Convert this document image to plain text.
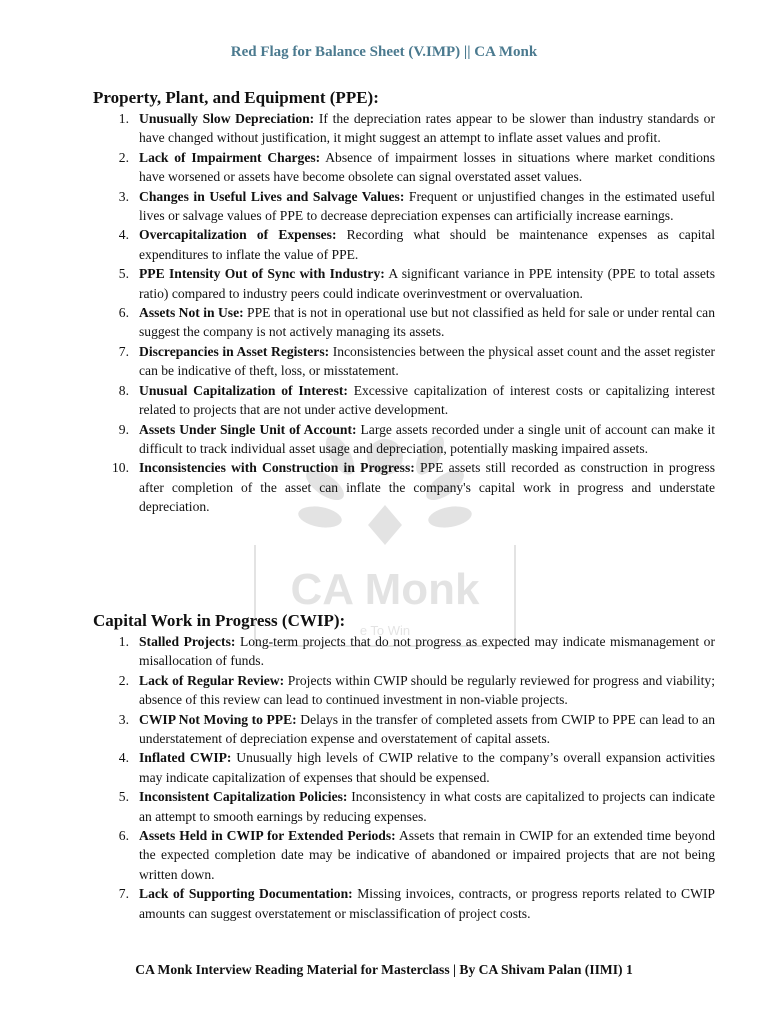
CA Monk
e To Win
Red Flag for Balance Sheet (V.IMP) || CA Monk
Property, Plant, and Equipment (PPE):
1. Unusually Slow Depreciation: If the depreciation rates appear to be slower than industry standards or have changed without justification, it might suggest an attempt to inflate asset values and profit.
2. Lack of Impairment Charges: Absence of impairment losses in situations where market conditions have worsened or assets have become obsolete can signal overstated asset values.
3. Changes in Useful Lives and Salvage Values: Frequent or unjustified changes in the estimated useful lives or salvage values of PPE to decrease depreciation expenses can artificially increase earnings.
4. Overcapitalization of Expenses: Recording what should be maintenance expenses as capital expenditures to inflate the value of PPE.
5. PPE Intensity Out of Sync with Industry: A significant variance in PPE intensity (PPE to total assets ratio) compared to industry peers could indicate overinvestment or overvaluation.
6. Assets Not in Use: PPE that is not in operational use but not classified as held for sale or under rental can suggest the company is not actively managing its assets.
7. Discrepancies in Asset Registers: Inconsistencies between the physical asset count and the asset register can be indicative of theft, loss, or misstatement.
8. Unusual Capitalization of Interest: Excessive capitalization of interest costs or capitalizing interest related to projects that are not under active development.
9. Assets Under Single Unit of Account: Large assets recorded under a single unit of account can make it difficult to track individual asset usage and depreciation, potentially masking impaired assets.
10. Inconsistencies with Construction in Progress: PPE assets still recorded as construction in progress after completion of the asset can inflate the company's capital work in progress and understate depreciation.
Capital Work in Progress (CWIP):
1. Stalled Projects: Long-term projects that do not progress as expected may indicate mismanagement or misallocation of funds.
2. Lack of Regular Review: Projects within CWIP should be regularly reviewed for progress and viability; absence of this review can lead to continued investment in non-viable projects.
3. CWIP Not Moving to PPE: Delays in the transfer of completed assets from CWIP to PPE can lead to an understatement of depreciation expense and overstatement of capital assets.
4. Inflated CWIP: Unusually high levels of CWIP relative to the company’s overall expansion activities may indicate capitalization of expenses that should be expensed.
5. Inconsistent Capitalization Policies: Inconsistency in what costs are capitalized to projects can indicate an attempt to smooth earnings by reducing expenses.
6. Assets Held in CWIP for Extended Periods: Assets that remain in CWIP for an extended time beyond the expected completion date may be indicative of abandoned or impaired projects that are not being written down.
7. Lack of Supporting Documentation: Missing invoices, contracts, or progress reports related to CWIP amounts can suggest overstatement or misclassification of project costs.
CA Monk Interview Reading Material for Masterclass | By CA Shivam Palan (IIMI) 1
